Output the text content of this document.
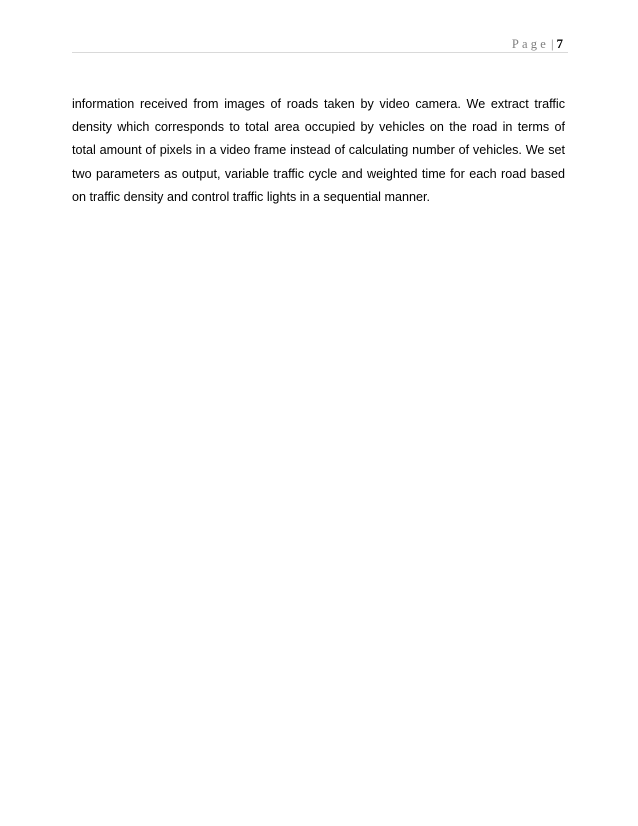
Page | 7
information received from images of roads taken by video camera. We extract traffic
density which corresponds to total area occupied by vehicles on the road in terms of
total amount of pixels in a video frame instead of calculating number of vehicles. We set
two parameters as output, variable traffic cycle and weighted time for each road based
on traffic density and control traffic lights in a sequential manner.
